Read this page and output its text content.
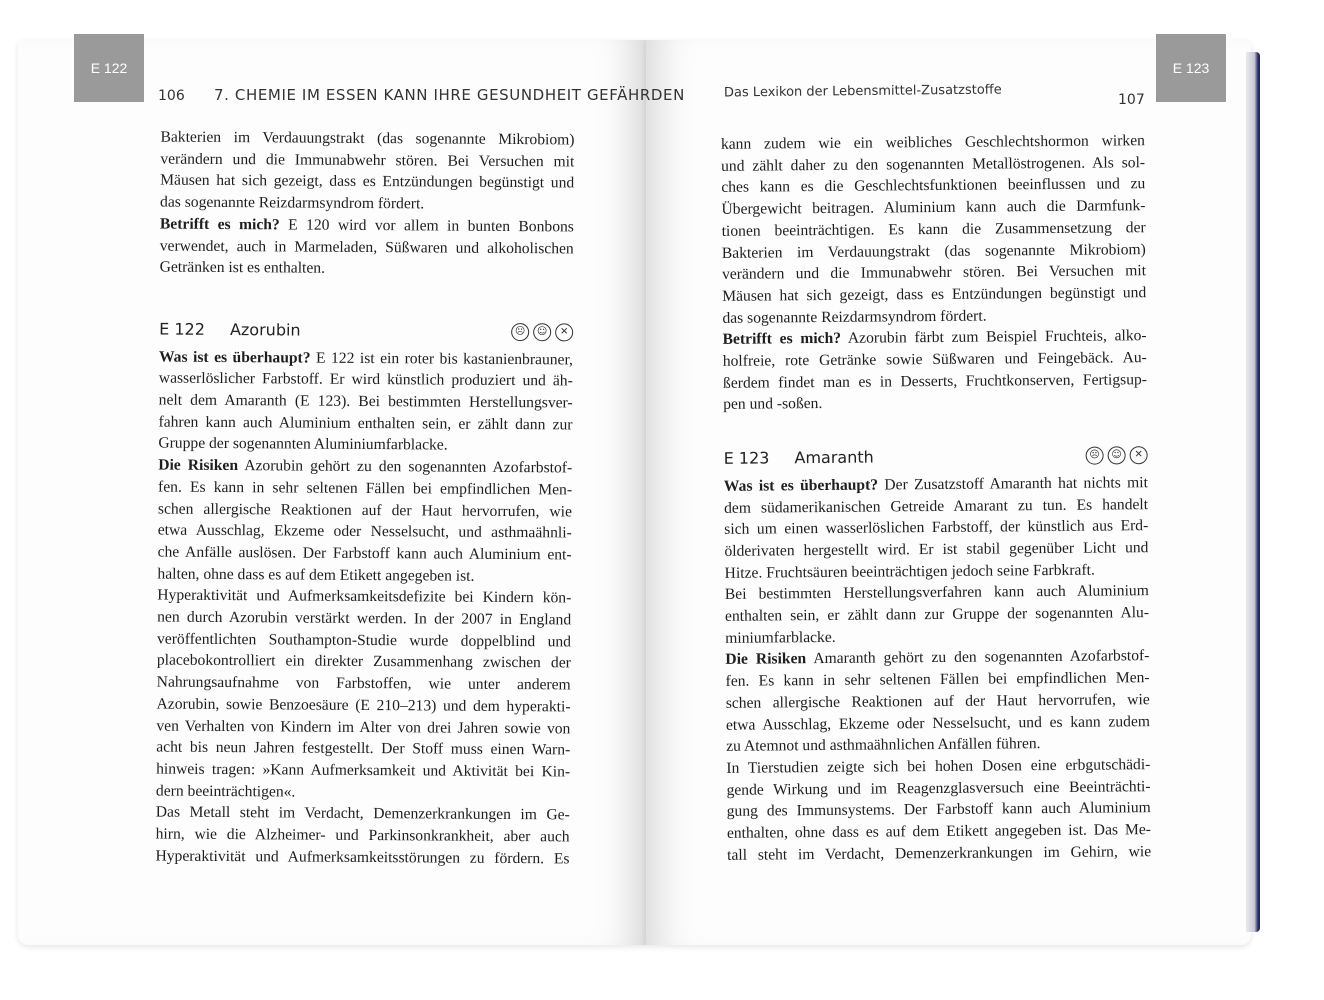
E 122	E 123
106 7. CHEMIE IM ESSEN KANN IHRE GESUNDHEIT GEFÄHRDEN	Das Lexikon der Lebensmittel-Zusatzstoffe	107

Bakterien im Verdauungstrakt (das sogenannte Mikrobiom)
verändern und die Immunabwehr stören. Bei Versuchen mit
Mäusen hat sich gezeigt, dass es Entzündungen begünstigt und
das sogenannte Reizdarmsyndrom fördert.

Betrifft es mich? E 120 wird vor allem in bunten Bonbons
verwendet, auch in Marmeladen, Süßwaren und alkoholischen
Getränken ist es enthalten.

E 122 Azorubin	☹	☺	✕

Was ist es überhaupt? E 122 ist ein roter bis kastanienbrauner,
wasserlöslicher Farbstoff. Er wird künstlich produziert und äh-
nelt dem Amaranth (E 123). Bei bestimmten Herstellungsver-
fahren kann auch Aluminium enthalten sein, er zählt dann zur
Gruppe der sogenannten Aluminiumfarblacke.

Die Risiken Azorubin gehört zu den sogenannten Azofarbstof-
fen. Es kann in sehr seltenen Fällen bei empfindlichen Men-
schen allergische Reaktionen auf der Haut hervorrufen, wie
etwa Ausschlag, Ekzeme oder Nesselsucht, und asthmaähnli-
che Anfälle auslösen. Der Farbstoff kann auch Aluminium ent-
halten, ohne dass es auf dem Etikett angegeben ist.

Hyperaktivität und Aufmerksamkeitsdefizite bei Kindern kön-
nen durch Azorubin verstärkt werden. In der 2007 in England
veröffentlichten Southampton-Studie wurde doppelblind und
placebokontrolliert ein direkter Zusammenhang zwischen der
Nahrungsaufnahme von Farbstoffen, wie unter anderem
Azorubin, sowie Benzoesäure (E 210–213) und dem hyperakti-
ven Verhalten von Kindern im Alter von drei Jahren sowie von
acht bis neun Jahren festgestellt. Der Stoff muss einen Warn-
hinweis tragen: »Kann Aufmerksamkeit und Aktivität bei Kin-
dern beeinträchtigen«.

Das Metall steht im Verdacht, Demenzerkrankungen im Ge-
hirn, wie die Alzheimer- und Parkinsonkrankheit, aber auch
Hyperaktivität und Aufmerksamkeitsstörungen zu fördern. Es

kann zudem wie ein weibliches Geschlechtshormon wirken
und zählt daher zu den sogenannten Metallöstrogenen. Als sol-
ches kann es die Geschlechtsfunktionen beeinflussen und zu
Übergewicht beitragen. Aluminium kann auch die Darmfunk-
tionen beeinträchtigen. Es kann die Zusammensetzung der
Bakterien im Verdauungstrakt (das sogenannte Mikrobiom)
verändern und die Immunabwehr stören. Bei Versuchen mit
Mäusen hat sich gezeigt, dass es Entzündungen begünstigt und
das sogenannte Reizdarmsyndrom fördert.

Betrifft es mich? Azorubin färbt zum Beispiel Fruchteis, alko-
holfreie, rote Getränke sowie Süßwaren und Feingebäck. Au-
ßerdem findet man es in Desserts, Fruchtkonserven, Fertigsup-
pen und -soßen.

E 123 Amaranth	☹	☺	✕

Was ist es überhaupt? Der Zusatzstoff Amaranth hat nichts mit
dem südamerikanischen Getreide Amarant zu tun. Es handelt
sich um einen wasserlöslichen Farbstoff, der künstlich aus Erd-
ölderivaten hergestellt wird. Er ist stabil gegenüber Licht und
Hitze. Fruchtsäuren beeinträchtigen jedoch seine Farbkraft.

Bei bestimmten Herstellungsverfahren kann auch Aluminium
enthalten sein, er zählt dann zur Gruppe der sogenannten Alu-
miniumfarblacke.

Die Risiken Amaranth gehört zu den sogenannten Azofarbstof-
fen. Es kann in sehr seltenen Fällen bei empfindlichen Men-
schen allergische Reaktionen auf der Haut hervorrufen, wie
etwa Ausschlag, Ekzeme oder Nesselsucht, und es kann zudem
zu Atemnot und asthmaähnlichen Anfällen führen.

In Tierstudien zeigte sich bei hohen Dosen eine erbgutschädi-
gende Wirkung und im Reagenzglasversuch eine Beeinträchti-
gung des Immunsystems. Der Farbstoff kann auch Aluminium
enthalten, ohne dass es auf dem Etikett angegeben ist. Das Me-
tall steht im Verdacht, Demenzerkrankungen im Gehirn, wie
